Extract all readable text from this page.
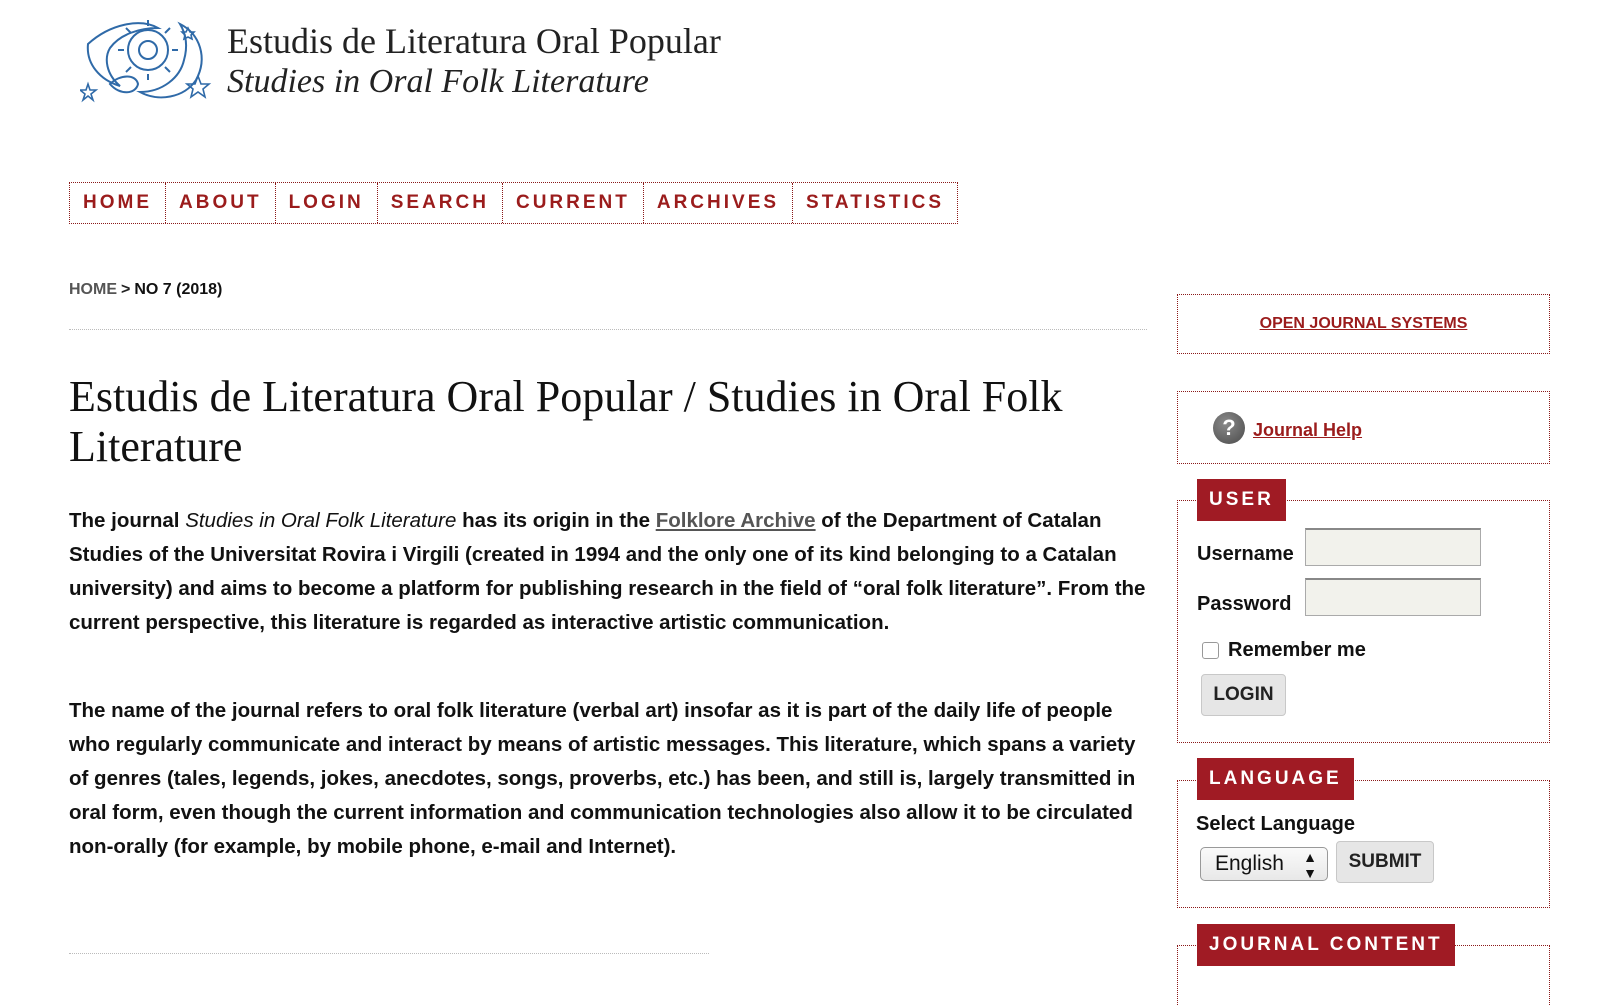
Estudis de Literatura Oral Popular
Studies in Oral Folk Literature
HOME	ABOUT	LOGIN	SEARCH	CURRENT	ARCHIVES	STATISTICS
HOME > NO 7 (2018)
Estudis de Literatura Oral Popular / Studies in Oral Folk Literature

The journal Studies in Oral Folk Literature has its origin in the Folklore Archive of the Department of Catalan Studies of the Universitat Rovira i Virgili (created in 1994 and the only one of its kind belonging to a Catalan university) and aims to become a platform for publishing research in the field of “oral folk literature”. From the current perspective, this literature is regarded as interactive artistic communication.

The name of the journal refers to oral folk literature (verbal art) insofar as it is part of the daily life of people who regularly communicate and interact by means of artistic messages. This literature, which spans a variety of genres (tales, legends, jokes, anecdotes, songs, proverbs, etc.) has been, and still is, largely transmitted in oral form, even though the current information and communication technologies also allow it to be circulated non-orally (for example, by mobile phone, e-mail and Internet).

OPEN JOURNAL SYSTEMS
? Journal Help
Username
Password
Remember me
LOGIN
USER
Select Language
English ▲
▼
SUBMIT
LANGUAGE
JOURNAL CONTENT
